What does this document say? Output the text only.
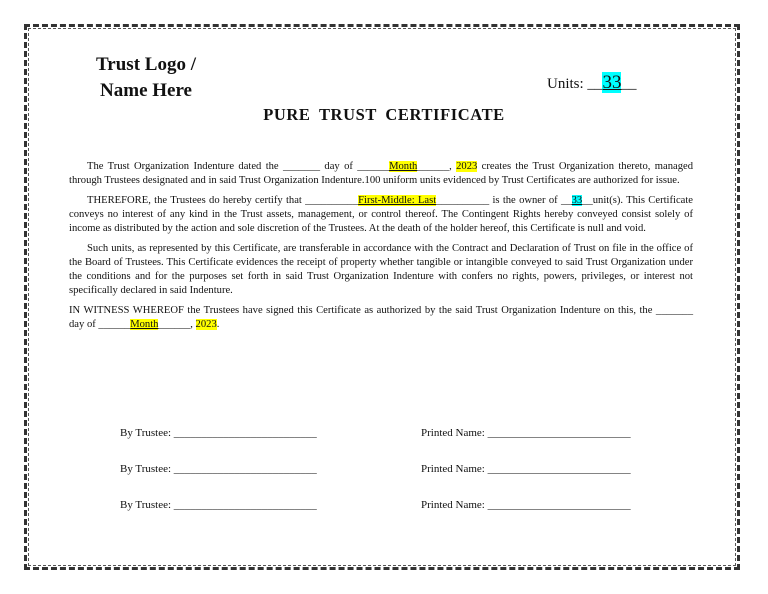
Trust Logo /
Name Here	Units: __33__
PURE TRUST CERTIFICATE

The Trust Organization Indenture dated the _______ day of ______Month______, 2023 creates the Trust Organization thereto, managed through Trustees designated and in said Trust Organization Indenture.100 uniform units evidenced by Trust Certificates are authorized for issue.

THEREFORE, the Trustees do hereby certify that __________First-Middle: Last__________ is the owner of __33__unit(s). This Certificate conveys no interest of any kind in the Trust assets, management, or control thereof. The Contingent Rights hereby conveyed consist solely of income as distributed by the action and sole discretion of the Trustees. At the death of the holder hereof, this Certificate is null and void.

Such units, as represented by this Certificate, are transferable in accordance with the Contract and Declaration of Trust on file in the office of the Board of Trustees. This Certificate evidences the receipt of property whether tangible or intangible conveyed to said Trust Organization under the conditions and for the purposes set forth in said Trust Organization Indenture with confers no rights, powers, privileges, or interest not specifically declared in said Indenture.

IN WITNESS WHEREOF the Trustees have signed this Certificate as authorized by the said Trust Organization Indenture on this, the _______ day of ______Month______, 2023.

By Trustee: __________________________	Printed Name: __________________________
By Trustee: __________________________	Printed Name: __________________________
By Trustee: __________________________	Printed Name: __________________________
